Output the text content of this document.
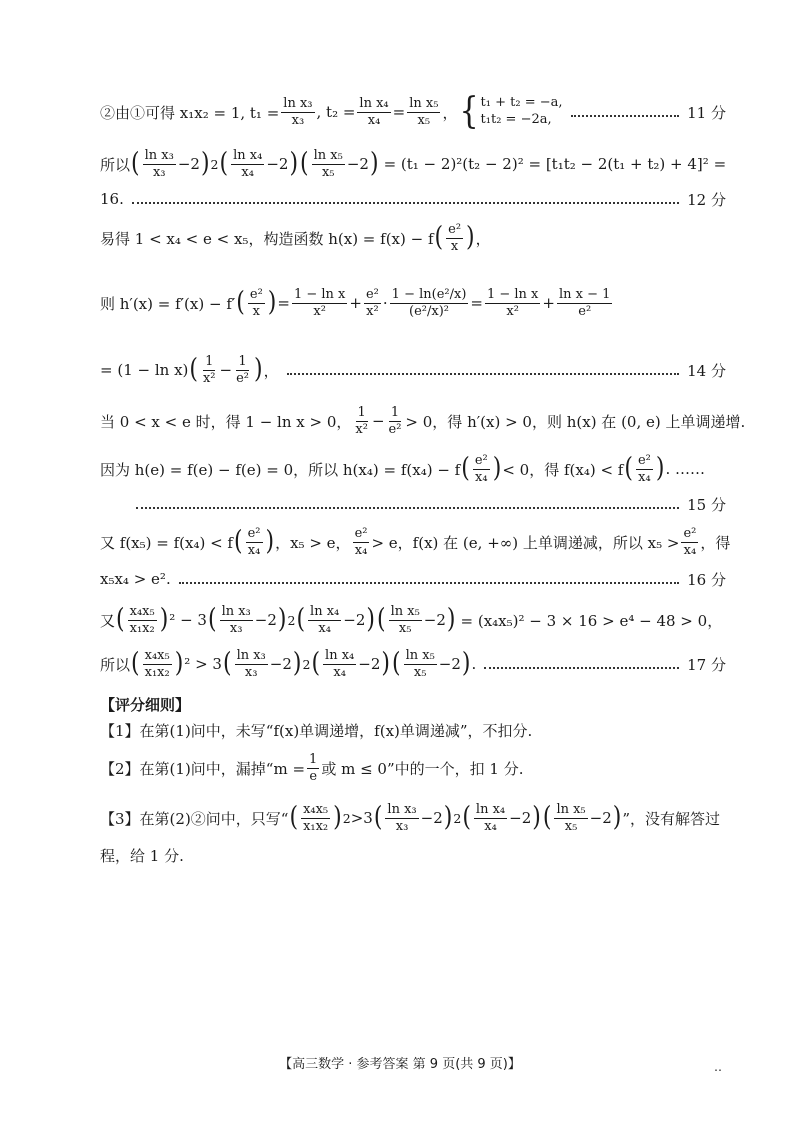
②由①可得 x₁x₂ = 1, $t_1 = \frac{\text{ln x₃}}{\text{x₃}}$ , $t_2 = \frac{\text{ln x₄}}{\text{x₄}} = \frac{\text{ln x₅}}{\text{x₅}}$ ， { t₁ + t₂ = −a,
t₁t₂ = −2a,	11 分
所以 ( $\frac{\text{ln x₃}}{\text{x₃}} -2$ ) 2 ( $\frac{\text{ln x₄}}{\text{x₄}} -2$ ) ( $\frac{\text{ln x₅}}{\text{x₅}} -2$ ) = (t₁ − 2)²(t₂ − 2)² = [t₁t₂ − 2(t₁ + t₂) + 4]² =
16.	12 分
易得 1 < x₄ < e < x₅，构造函数 h(x) = f(x) − f ( $\frac{\text{e²}}{x}$ ) ，
则 h′(x) = f′(x) − f′ ( $\frac{\text{e²}}{x}$ ) = $\frac{\text{1 − ln x}}{\text{x²}} + \frac{\text{e²}}{\text{x²}} \cdot \frac{\text{1 − ln(e²/x)}}{\text{(e²/x)²}} = \frac{\text{1 − ln x}}{\text{x²}} + \frac{\text{ln x − 1}}{\text{e²}}$
= (1 − ln x) ( $\frac{1}{\text{x²}} - \frac{1}{\text{e²}}$ ) ，	14 分
当 0 < x < e 时，得 1 − ln x > 0， $\frac{1}{\text{x²}} - \frac{1}{\text{e²}} > 0$，得 h′(x) > 0，则 h(x) 在 (0, e) 上单调递增.
因为 h(e) = f(e) − f(e) = 0，所以 h(x₄) = f(x₄) − f ( $\frac{\text{e²}}{\text{x₄}}$ ) < 0，得 f(x₄) < f ( $\frac{\text{e²}}{\text{x₄}}$ ) . ……
15 分
又 f(x₅) = f(x₄) < f ( $\frac{\text{e²}}{\text{x₄}}$ ) ，x₅ > e， $\frac{\text{e²}}{\text{x₄}} > e$，f(x) 在 (e, +∞) 上单调递减，所以 $x_5 > \frac{\text{e²}}{\text{x₄}}$ ，得
x₅x₄ > e².	16 分
又 ( $\frac{\text{x₄x₅}}{\text{x₁x₂}}$ ) ² − 3 ( $\frac{\text{ln x₃}}{\text{x₃}} -2$ ) 2 ( $\frac{\text{ln x₄}}{\text{x₄}} -2$ ) ( $\frac{\text{ln x₅}}{\text{x₅}} -2$ ) = (x₄x₅)² − 3 × 16 > e⁴ − 48 > 0，
所以 ( $\frac{\text{x₄x₅}}{\text{x₁x₂}}$ ) ² > 3 ( $\frac{\text{ln x₃}}{\text{x₃}} -2$ ) 2 ( $\frac{\text{ln x₄}}{\text{x₄}} -2$ ) ( $\frac{\text{ln x₅}}{\text{x₅}} -2$ ) .	17 分
【评分细则】
【1】在第(1)问中，未写“f(x)单调递增，f(x)单调递减”，不扣分.
【2】在第(1)问中，漏掉“$m = \frac{1}{e}$ 或 m ≤ 0”中的一个，扣 1 分.
【3】在第(2)②问中，只写“ ( $\frac{\text{x₄x₅}}{\text{x₁x₂}}$ ) 2 >3 ( $\frac{\text{ln x₃}}{\text{x₃}} -2$ ) 2 ( $\frac{\text{ln x₄}}{\text{x₄}} -2$ ) ( $\frac{\text{ln x₅}}{\text{x₅}} -2$ ) ”，没有解答过
程，给 1 分.
【高三数学 · 参考答案 第 9 页(共 9 页)】	‥
